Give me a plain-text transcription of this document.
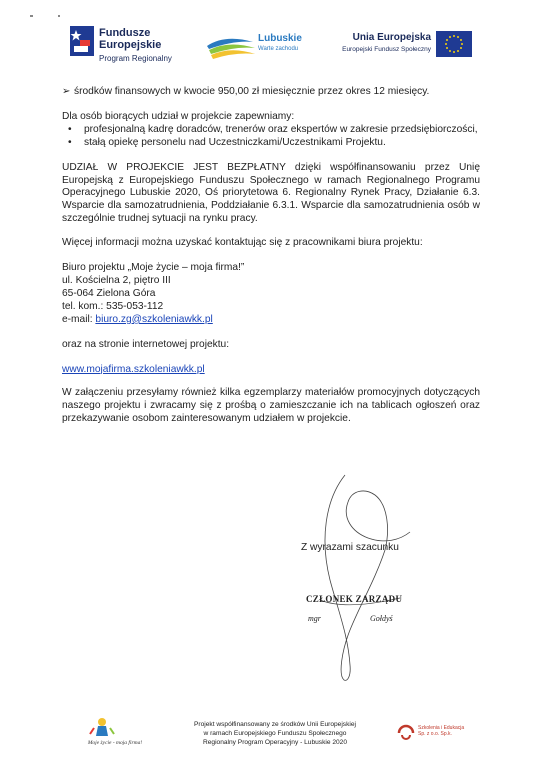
Fundusze
Europejskie
Program Regionalny
Lubuskie
Warte zachodu
Unia Europejska
Europejski Fundusz Społeczny
➢ środków finansowych w kwocie 950,00 zł miesięcznie przez okres 12 miesięcy.

Dla osób biorących udział w projekcie zapewniamy:

• profesjonalną kadrę doradców, trenerów oraz ekspertów w zakresie przedsiębiorczości,
• stałą opiekę personelu nad Uczestniczkami/Uczestnikami Projektu.

UDZIAŁ W PROJEKCIE JEST BEZPŁATNY dzięki współfinansowaniu przez Unię Europejską z Europejskiego Funduszu Społecznego w ramach Regionalnego Programu Operacyjnego Lubuskie 2020, Oś priorytetowa 6. Regionalny Rynek Pracy, Działanie 6.3. Wsparcie dla samozatrudnienia, Poddziałanie 6.3.1. Wsparcie dla samozatrudnienia osób w szczególnie trudnej sytuacji na rynku pracy.

Więcej informacji można uzyskać kontaktując się z pracownikami biura projektu:

Biuro projektu „Moje życie – moja firma!”
ul. Kościelna 2, piętro III
65-064 Zielona Góra
tel. kom.: 535-053-112
e-mail: biuro.zg@szkoleniawkk.pl

oraz na stronie internetowej projektu:

www.mojafirma.szkoleniawkk.pl

W załączeniu przesyłamy również kilka egzemplarzy materiałów promocyjnych dotyczących naszego projektu i zwracamy się z prośbą o zamieszczanie ich na tablicach ogłoszeń oraz przekazywanie osobom zainteresowanym udziałem w projekcie.

Z wyrazami szacunku
CZŁONEK ZARZĄDU
mgr	Gołdyś
Moje życie - moja firma!
Projekt współfinansowany ze środków Unii Europejskiej
w ramach Europejskiego Funduszu Społecznego
Regionalny Program Operacyjny - Lubuskie 2020
Szkolenia i Edukacja
Sp. z o.o. Sp.k.
